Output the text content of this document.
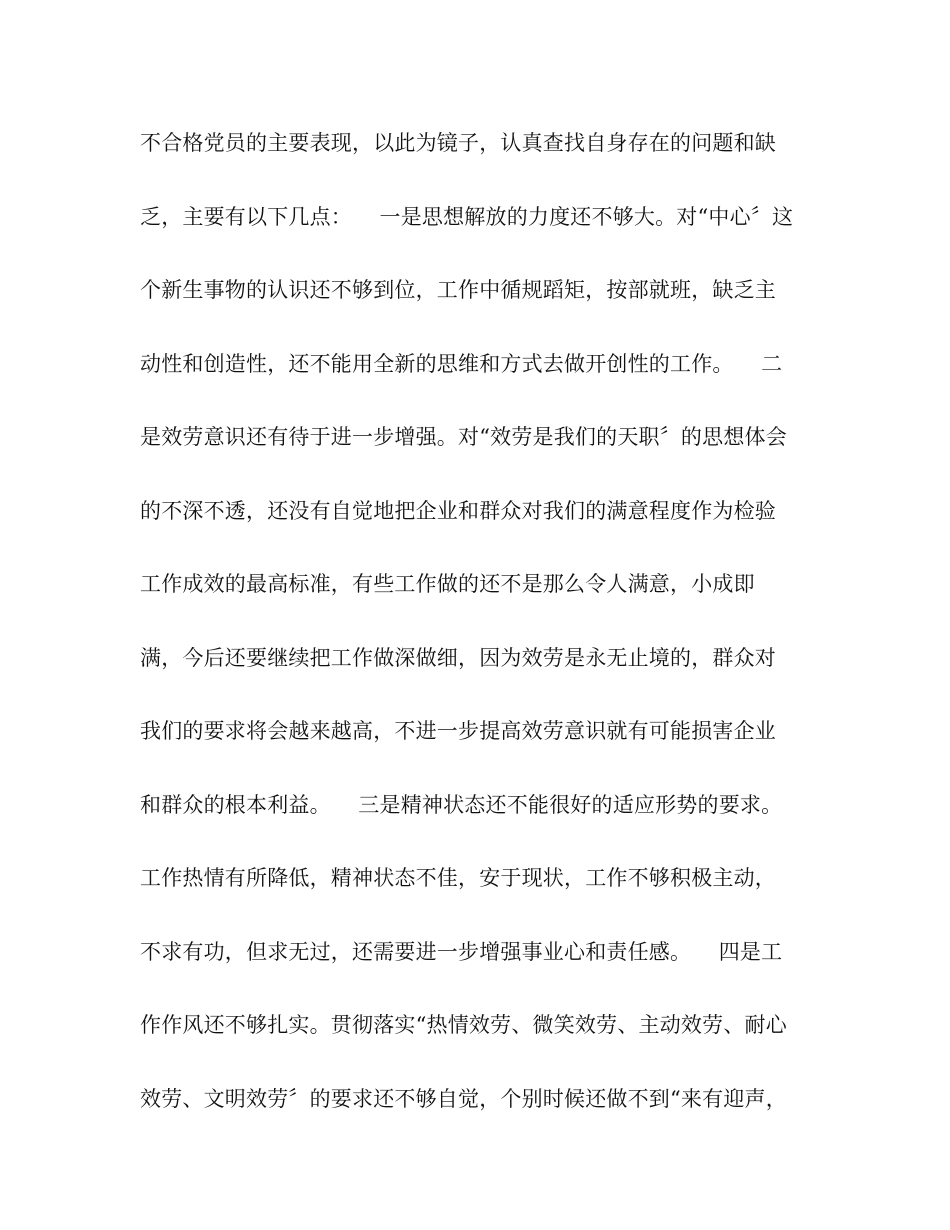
不合格党员的主要表现，以此为镜子，认真查找自身存在的问题和缺
乏，主要有以下几点：    一是思想解放的力度还不够大。对“中心〞这
个新生事物的认识还不够到位，工作中循规蹈矩，按部就班，缺乏主
动性和创造性，还不能用全新的思维和方式去做开创性的工作。    二
是效劳意识还有待于进一步增强。对“效劳是我们的天职〞的思想体会
的不深不透，还没有自觉地把企业和群众对我们的满意程度作为检验
工作成效的最高标准，有些工作做的还不是那么令人满意，小成即
满，今后还要继续把工作做深做细，因为效劳是永无止境的，群众对
我们的要求将会越来越高，不进一步提高效劳意识就有可能损害企业
和群众的根本利益。    三是精神状态还不能很好的适应形势的要求。
工作热情有所降低，精神状态不佳，安于现状，工作不够积极主动，
不求有功，但求无过，还需要进一步增强事业心和责任感。    四是工
作作风还不够扎实。贯彻落实“热情效劳、微笑效劳、主动效劳、耐心
效劳、文明效劳〞的要求还不够自觉，个别时候还做不到“来有迎声，
